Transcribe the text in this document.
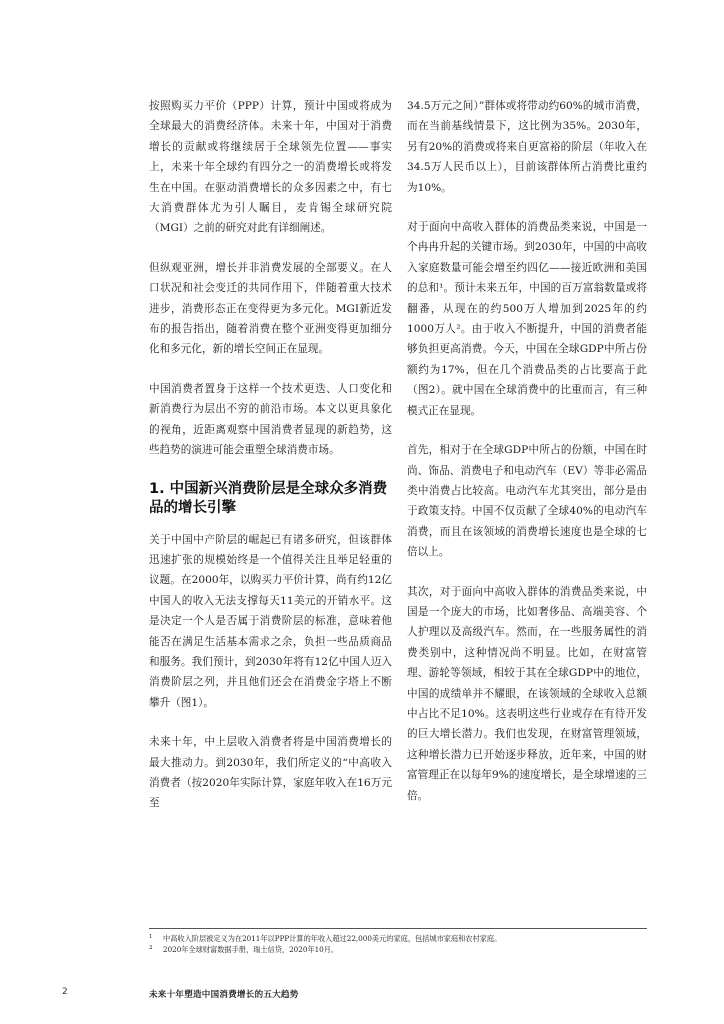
按照购买力平价（PPP）计算，预计中国或将成为全球最大的消费经济体。未来十年，中国对于消费增长的贡献或将继续居于全球领先位置——事实上，未来十年全球约有四分之一的消费增长或将发生在中国。在驱动消费增长的众多因素之中，有七大消费群体尤为引人瞩目，麦肯锡全球研究院（MGI）之前的研究对此有详细阐述。

但纵观亚洲，增长并非消费发展的全部要义。在人口状况和社会变迁的共同作用下，伴随着重大技术进步，消费形态正在变得更为多元化。MGI新近发布的报告指出，随着消费在整个亚洲变得更加细分化和多元化，新的增长空间正在显现。

中国消费者置身于这样一个技术更迭、人口变化和新消费行为层出不穷的前沿市场。本文以更具象化的视角，近距离观察中国消费者显现的新趋势，这些趋势的演进可能会重塑全球消费市场。

1. 中国新兴消费阶层是全球众多消费品的增长引擎

关于中国中产阶层的崛起已有诸多研究，但该群体迅速扩张的规模始终是一个值得关注且举足轻重的议题。在2000年，以购买力平价计算，尚有约12亿中国人的收入无法支撑每天11美元的开销水平。这是决定一个人是否属于消费阶层的标准，意味着他能否在满足生活基本需求之余，负担一些品质商品和服务。我们预计，到2030年将有12亿中国人迈入消费阶层之列，并且他们还会在消费金字塔上不断攀升（图1）。

未来十年，中上层收入消费者将是中国消费增长的最大推动力。到2030年，我们所定义的“中高收入消费者（按2020年实际计算，家庭年收入在16万元至

34.5万元之间）”群体或将带动约60%的城市消费，而在当前基线情景下，这比例为35%。2030年，另有20%的消费或将来自更富裕的阶层（年收入在34.5万人民币以上），目前该群体所占消费比重约为10%。

对于面向中高收入群体的消费品类来说，中国是一个冉冉升起的关键市场。到2030年，中国的中高收入家庭数量可能会增至约四亿——接近欧洲和美国的总和¹。预计未来五年，中国的百万富翁数量或将翻番，从现在的约500万人增加到2025年的约1000万人²。由于收入不断提升，中国的消费者能够负担更高消费。今天，中国在全球GDP中所占份额约为17%，但在几个消费品类的占比要高于此（图2）。就中国在全球消费中的比重而言，有三种模式正在显现。

首先，相对于在全球GDP中所占的份额，中国在时尚、饰品、消费电子和电动汽车（EV）等非必需品类中消费占比较高。电动汽车尤其突出，部分是由于政策支持。中国不仅贡献了全球40%的电动汽车消费，而且在该领域的消费增长速度也是全球的七倍以上。

其次，对于面向中高收入群体的消费品类来说，中国是一个庞大的市场，比如奢侈品、高端美容、个人护理以及高级汽车。然而，在一些服务属性的消费类别中，这种情况尚不明显。比如，在财富管理、游轮等领域，相较于其在全球GDP中的地位，中国的成绩单并不耀眼，在该领域的全球收入总额中占比不足10%。这表明这些行业或存在有待开发的巨大增长潜力。我们也发现，在财富管理领域，这种增长潜力已开始逐步释放，近年来，中国的财富管理正在以每年9%的速度增长，是全球增速的三倍。

1 中高收入阶层被定义为在2011年以PPP计算的年收入超过22,000美元的家庭，包括城市家庭和农村家庭。
2 2020年全球财富数据手册，瑞士信贷，2020年10月。
2	未来十年塑造中国消费增长的五大趋势
